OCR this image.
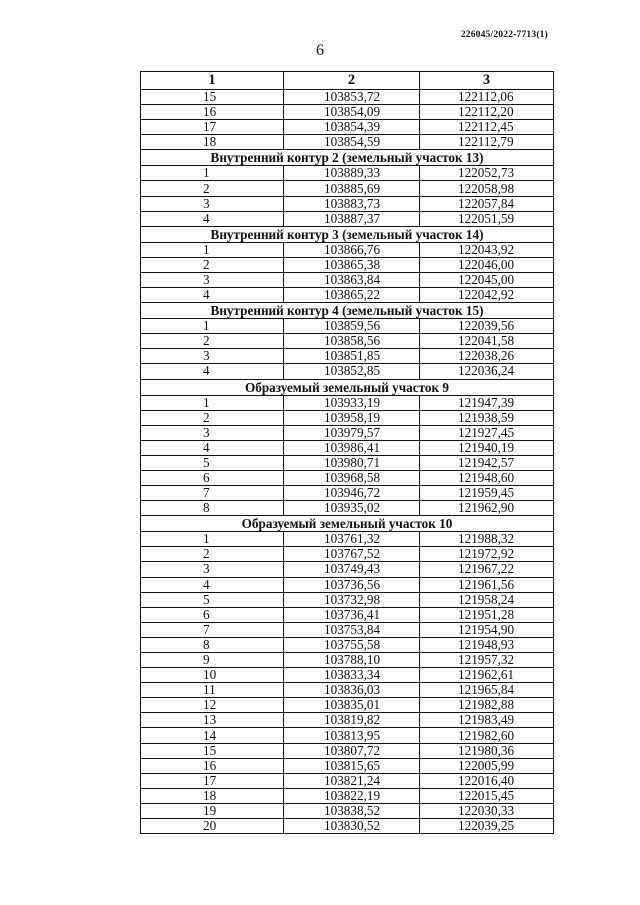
226045/2022-7713(1)
6
1	2	3
15	103853,72	122112,06
16	103854,09	122112,20
17	103854,39	122112,45
18	103854,59	122112,79
Внутренний контур 2 (земельный участок 13)		
1	103889,33	122052,73
2	103885,69	122058,98
3	103883,73	122057,84
4	103887,37	122051,59
Внутренний контур 3 (земельный участок 14)		
1	103866,76	122043,92
2	103865,38	122046,00
3	103863,84	122045,00
4	103865,22	122042,92
Внутренний контур 4 (земельный участок 15)		
1	103859,56	122039,56
2	103858,56	122041,58
3	103851,85	122038,26
4	103852,85	122036,24
Образуемый земельный участок 9		
1	103933,19	121947,39
2	103958,19	121938,59
3	103979,57	121927,45
4	103986,41	121940,19
5	103980,71	121942,57
6	103968,58	121948,60
7	103946,72	121959,45
8	103935,02	121962,90
Образуемый земельный участок 10		
1	103761,32	121988,32
2	103767,52	121972,92
3	103749,43	121967,22
4	103736,56	121961,56
5	103732,98	121958,24
6	103736,41	121951,28
7	103753,84	121954,90
8	103755,58	121948,93
9	103788,10	121957,32
10	103833,34	121962,61
11	103836,03	121965,84
12	103835,01	121982,88
13	103819,82	121983,49
14	103813,95	121982,60
15	103807,72	121980,36
16	103815,65	122005,99
17	103821,24	122016,40
18	103822,19	122015,45
19	103838,52	122030,33
20	103830,52	122039,25
